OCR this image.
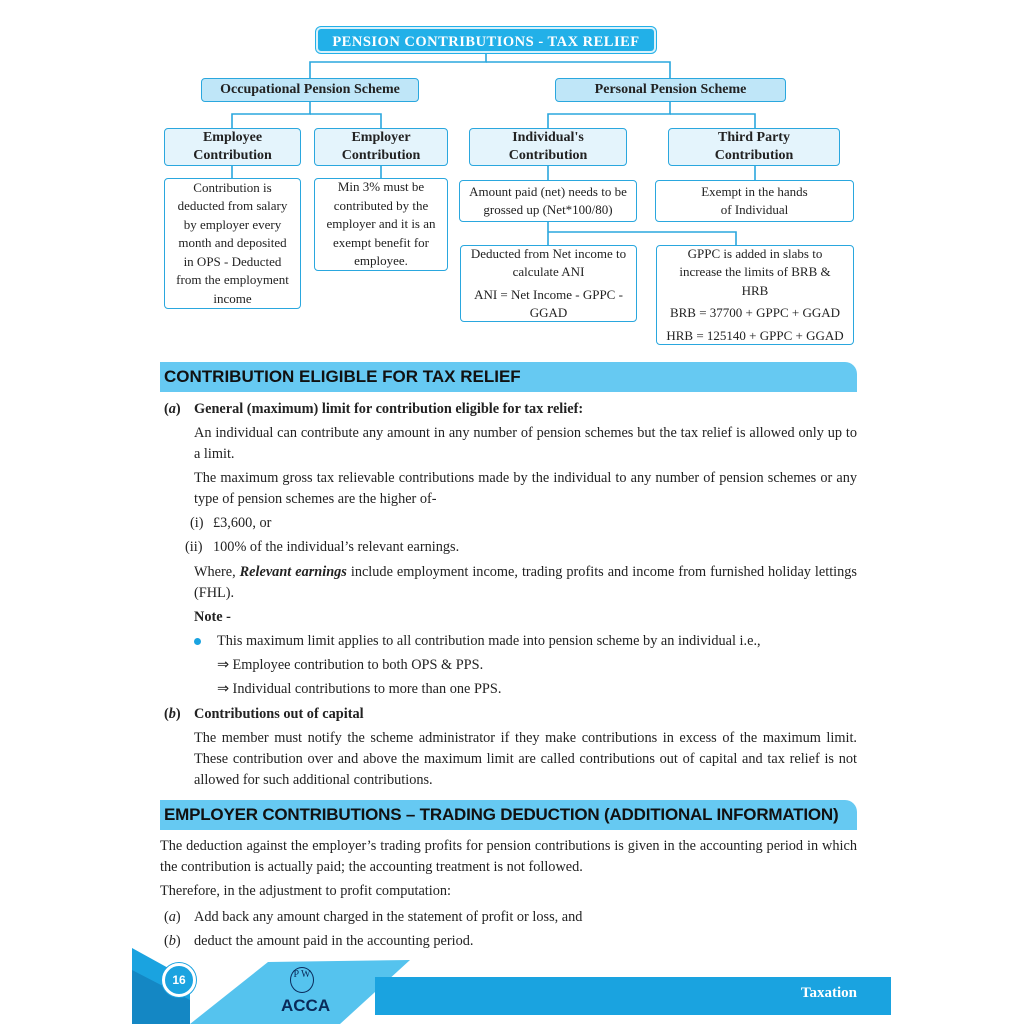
PENSION CONTRIBUTIONS - TAX RELIEF
Occupational Pension Scheme	Personal Pension Scheme
Employee
Contribution
Employer
Contribution
Individual's
Contribution
Third Party
Contribution
Contribution is
deducted from salary
by employer every
month and deposited
in OPS - Deducted
from the employment
income
Min 3% must be
contributed by the
employer and it is an
exempt benefit for
employee.
Amount paid (net) needs to be
grossed up (Net*100/80)
Exempt in the hands
of Individual
Deducted from Net income to
calculate ANI
ANI = Net Income - GPPC -
GGAD
GPPC is added in slabs to
increase the limits of BRB &
HRB
BRB = 37700 + GPPC + GGAD
HRB = 125140 + GPPC + GGAD
CONTRIBUTION ELIGIBLE FOR TAX RELIEF
(a) General (maximum) limit for contribution eligible for tax relief:
An individual can contribute any amount in any number of pension schemes but the tax relief is allowed only up to a limit.
The maximum gross tax relievable contributions made by the individual to any number of pension schemes or any type of pension schemes are the higher of-
(i) £3,600, or
(ii) 100% of the individual’s relevant earnings.
Where, Relevant earnings include employment income, trading profits and income from furnished holiday lettings (FHL).
Note -
This maximum limit applies to all contribution made into pension scheme by an individual i.e.,
⇒ Employee contribution to both OPS & PPS.
⇒ Individual contributions to more than one PPS.
(b) Contributions out of capital
The member must notify the scheme administrator if they make contributions in excess of the maximum limit. These contribution over and above the maximum limit are called contributions out of capital and tax relief is not allowed for such additional contributions.
EMPLOYER CONTRIBUTIONS – TRADING DEDUCTION (ADDITIONAL INFORMATION)
The deduction against the employer’s trading profits for pension contributions is given in the accounting period in which the contribution is actually paid; the accounting treatment is not followed.
Therefore, in the adjustment to profit computation:
(a) Add back any amount charged in the statement of profit or loss, and
(b) deduct the amount paid in the accounting period.
16	P W
ACCA
Taxation
